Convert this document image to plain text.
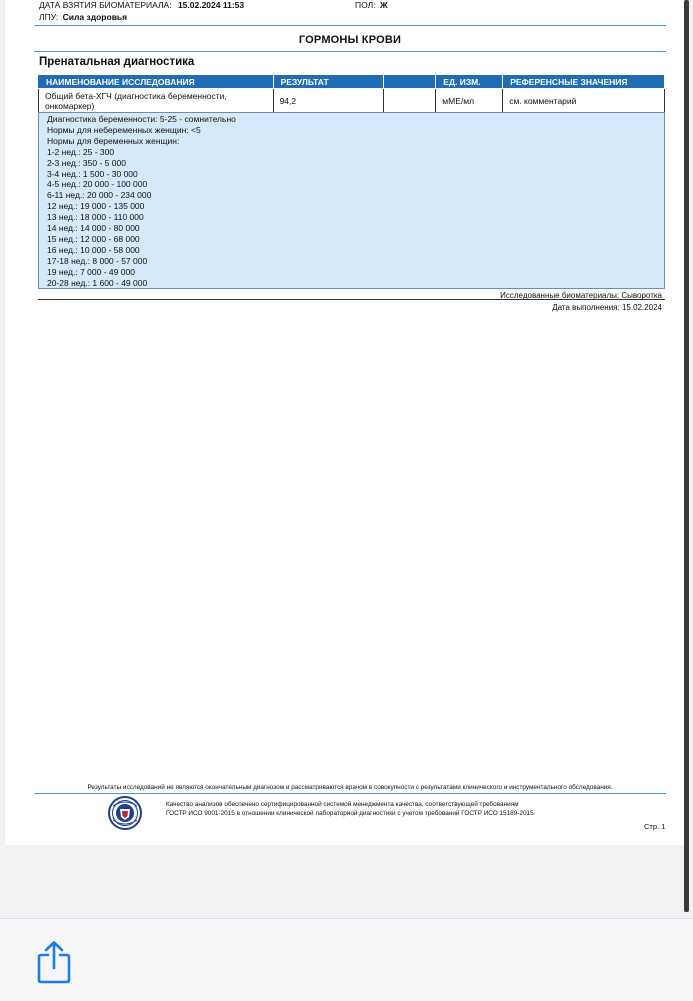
ДАТА ВЗЯТИЯ БИОМАТЕРИАЛА: 15.02.2024 11:53	ПОЛ: Ж
ЛПУ: Сила здоровья
ГОРМОНЫ КРОВИ
Пренатальная диагностика
НАИМЕНОВАНИЕ ИССЛЕДОВАНИЯ	РЕЗУЛЬТАТ		ЕД. ИЗМ.	РЕФЕРЕНСНЫЕ ЗНАЧЕНИЯ

Общий бета-ХГЧ (диагностика беременности,
онкомаркер)	94,2		мМЕ/мл	см. комментарий
Диагностика беременности: 5-25 - сомнительно
Нормы для небеременных женщин: <5
Нормы для беременных женщин:
1-2 нед.: 25 - 300
2-3 нед.: 350 - 5 000
3-4 нед.: 1 500 - 30 000
4-5 нед.: 20 000 - 100 000
6-11 нед.: 20 000 - 234 000
12 нед.: 19 000 - 135 000
13 нед.: 18 000 - 110 000
14 нед.: 14 000 - 80 000
15 нед.: 12 000 - 68 000
16 нед.: 10 000 - 58 000
17-18 нед.: 8 000 - 57 000
19 нед.: 7 000 - 49 000
20-28 нед.: 1 600 - 49 000
Исследованные биоматериалы: Сыворотка
Дата выполнения: 15.02.2024
Результаты исследований не являются окончательным диагнозом и рассматриваются врачом в совокупности с результатами клинического и инструментального обследования.
Качество анализов обеспечено сертифицированной системой менеджмента качества, соответствующей требованиям
ГОСТР ИСО 9001-2015 в отношении клинической лабораторной диагностики с учетом требований ГОСТР ИСО 15189-2015.
Стр. 1
